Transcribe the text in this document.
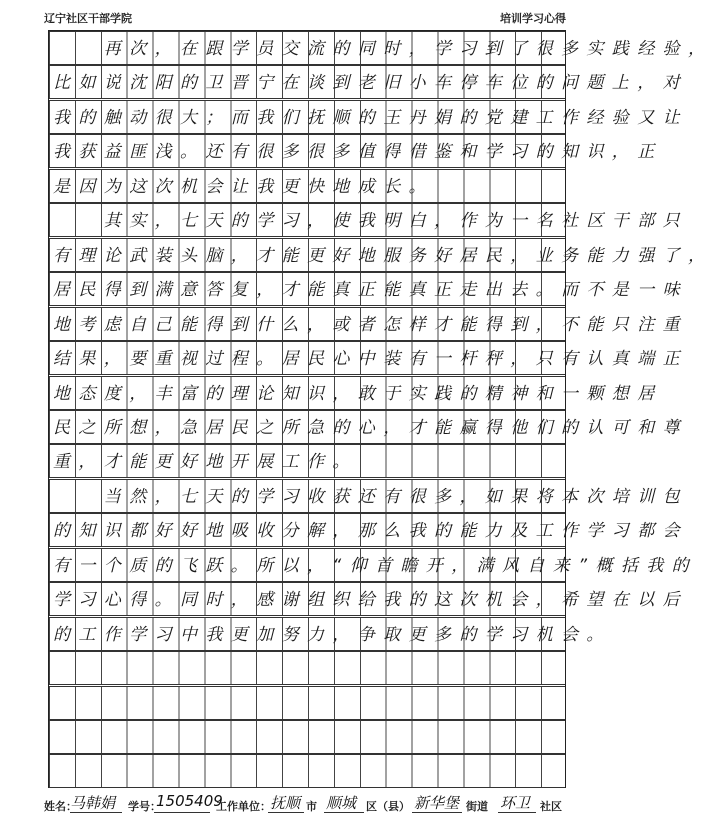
辽宁社区干部学院	培训学习心得
　　再次，在跟学员交流的同时，学习到了很多实践经验，
比如说沈阳的卫晋宁在谈到老旧小车停车位的问题上，对
我的触动很大；而我们抚顺的王丹娟的党建工作经验又让
我获益匪浅。还有很多很多值得借鉴和学习的知识，正
是因为这次机会让我更快地成长。
　　其实，七天的学习，使我明白，作为一名社区干部只
有理论武装头脑，才能更好地服务好居民，业务能力强了，
居民得到满意答复，才能真正能真正走出去。而不是一味
地考虑自己能得到什么，或者怎样才能得到，不能只注重
结果，要重视过程。居民心中装有一杆秤，只有认真端正
地态度，丰富的理论知识，敢于实践的精神和一颗想居
民之所想，急居民之所急的心，才能赢得他们的认可和尊
重，才能更好地开展工作。
　　当然，七天的学习收获还有很多，如果将本次培训包
的知识都好好地吸收分解，那么我的能力及工作学习都会
有一个质的飞跃。所以，“仰首瞻开，满风自来”概括我的
学习心得。同时，感谢组织给我的这次机会，希望在以后
的工作学习中我更加努力，争取更多的学习机会。
姓名：
马韩娟 学号：
1505409
工作单位： 抚顺 市 顺城 区（县） 新华堡 街道 环卫 社区
